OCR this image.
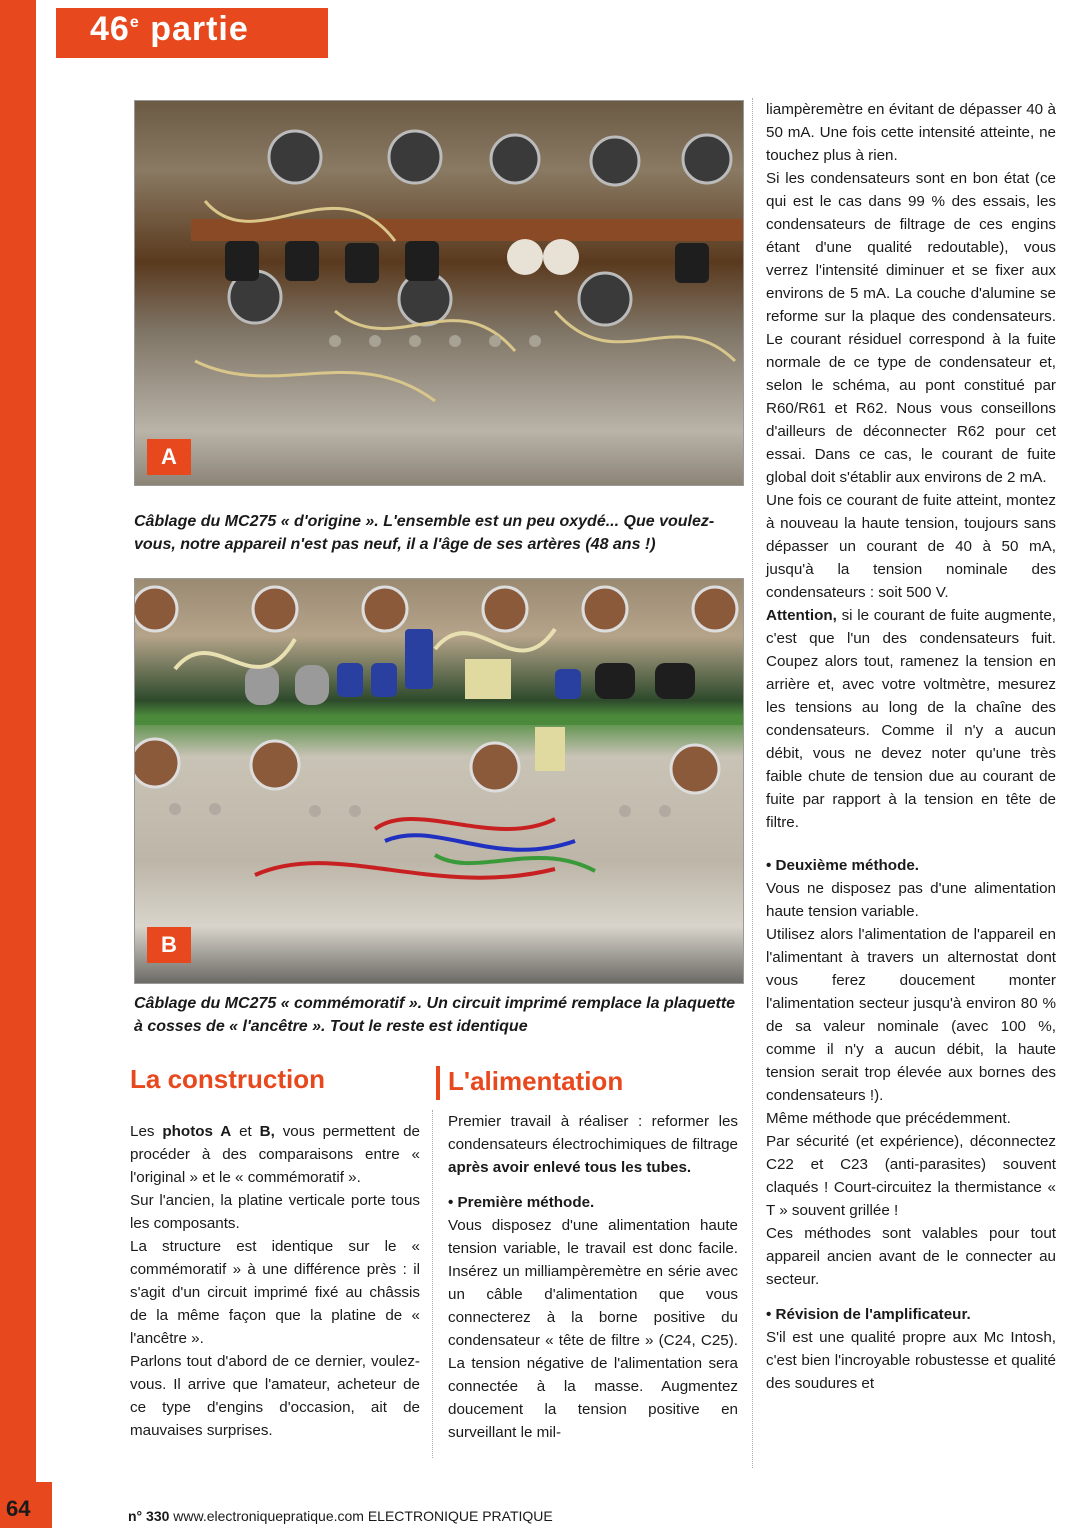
64
46e partie
A
Câblage du MC275 « d'origine ». L'ensemble est un peu oxydé... Que voulez-vous, notre appareil n'est pas neuf, il a l'âge de ses artères (48 ans !)
B
Câblage du MC275 « commémoratif ». Un circuit imprimé remplace la plaquette à cosses de « l'ancêtre ». Tout le reste est identique
La construction	L'alimentation

Les photos A et B, vous permettent de procéder à des comparaisons entre « l'original » et le « commémoratif ».

Sur l'ancien, la platine verticale porte tous les composants.

La structure est identique sur le « commémoratif » à une différence près : il s'agit d'un circuit imprimé fixé au châssis de la même façon que la platine de « l'ancêtre ».

Parlons tout d'abord de ce dernier, voulez-vous. Il arrive que l'amateur, acheteur de ce type d'engins d'occasion, ait de mauvaises surprises.

Premier travail à réaliser : reformer les condensateurs électrochimiques de filtrage après avoir enlevé tous les tubes.

• Première méthode.

Vous disposez d'une alimentation haute tension variable, le travail est donc facile. Insérez un milliampèremètre en série avec un câble d'alimentation que vous connecterez à la borne positive du condensateur « tête de filtre » (C24, C25). La tension négative de l'alimentation sera connectée à la masse. Augmentez doucement la tension positive en surveillant le mil-

liampèremètre en évitant de dépasser 40 à 50 mA. Une fois cette intensité atteinte, ne touchez plus à rien.

Si les condensateurs sont en bon état (ce qui est le cas dans 99 % des essais, les condensateurs de filtrage de ces engins étant d'une qualité redoutable), vous verrez l'intensité diminuer et se fixer aux environs de 5 mA. La couche d'alumine se reforme sur la plaque des condensateurs. Le courant résiduel correspond à la fuite normale de ce type de condensateur et, selon le schéma, au pont constitué par R60/R61 et R62. Nous vous conseillons d'ailleurs de déconnecter R62 pour cet essai. Dans ce cas, le courant de fuite global doit s'établir aux environs de 2 mA.

Une fois ce courant de fuite atteint, montez à nouveau la haute tension, toujours sans dépasser un courant de 40 à 50 mA, jusqu'à la tension nominale des condensateurs : soit 500 V.

Attention, si le courant de fuite augmente, c'est que l'un des condensateurs fuit. Coupez alors tout, ramenez la tension en arrière et, avec votre voltmètre, mesurez les tensions au long de la chaîne des condensateurs. Comme il n'y a aucun débit, vous ne devez noter qu'une très faible chute de tension due au courant de fuite par rapport à la tension en tête de filtre.

• Deuxième méthode.

Vous ne disposez pas d'une alimentation haute tension variable.

Utilisez alors l'alimentation de l'appareil en l'alimentant à travers un alternostat dont vous ferez doucement monter l'alimentation secteur jusqu'à environ 80 % de sa valeur nominale (avec 100 %, comme il n'y a aucun débit, la haute tension serait trop élevée aux bornes des condensateurs !).

Même méthode que précédemment.

Par sécurité (et expérience), déconnectez C22 et C23 (anti-parasites) souvent claqués ! Court-circuitez la thermistance « T » souvent grillée !

Ces méthodes sont valables pour tout appareil ancien avant de le connecter au secteur.

• Révision de l'amplificateur.

S'il est une qualité propre aux Mc Intosh, c'est bien l'incroyable robustesse et qualité des soudures et

n° 330 www.electroniquepratique.com ELECTRONIQUE PRATIQUE
